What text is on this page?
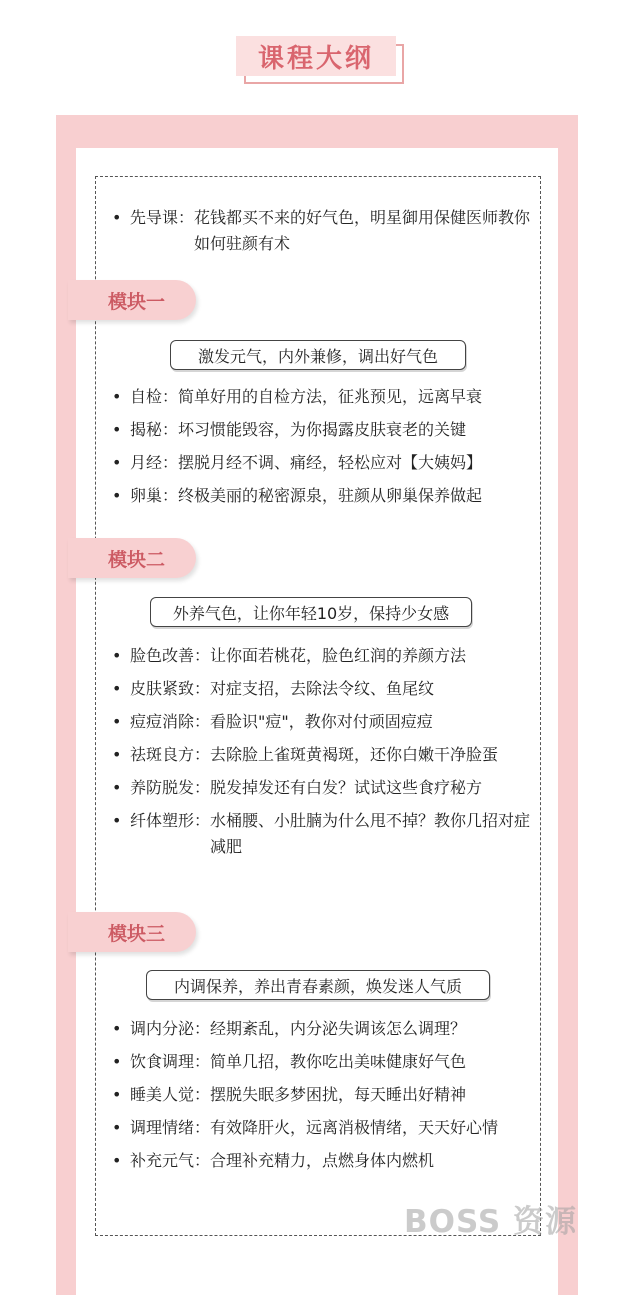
课程大纲
• 先导课： 花钱都买不来的好气色，明星御用保健医师教你如何驻颜有术
模块一
激发元气，内外兼修，调出好气色
• 自检： 简单好用的自检方法，征兆预见，远离早衰
• 揭秘： 坏习惯能毁容，为你揭露皮肤衰老的关键
• 月经： 摆脱月经不调、痛经，轻松应对【大姨妈】
• 卵巢： 终极美丽的秘密源泉，驻颜从卵巢保养做起
模块二
外养气色，让你年轻10岁，保持少女感
• 脸色改善： 让你面若桃花，脸色红润的养颜方法
• 皮肤紧致： 对症支招，去除法令纹、鱼尾纹
• 痘痘消除： 看脸识"痘"，教你对付顽固痘痘
• 祛斑良方： 去除脸上雀斑黄褐斑，还你白嫩干净脸蛋
• 养防脱发： 脱发掉发还有白发？试试这些食疗秘方
• 纤体塑形： 水桶腰、小肚腩为什么甩不掉？教你几招对症减肥
模块三
内调保养，养出青春素颜，焕发迷人气质
• 调内分泌： 经期紊乱，内分泌失调该怎么调理？
• 饮食调理： 简单几招，教你吃出美味健康好气色
• 睡美人觉： 摆脱失眠多梦困扰，每天睡出好精神
• 调理情绪： 有效降肝火，远离消极情绪，天天好心情
• 补充元气： 合理补充精力，点燃身体内燃机
BOSS 资源
